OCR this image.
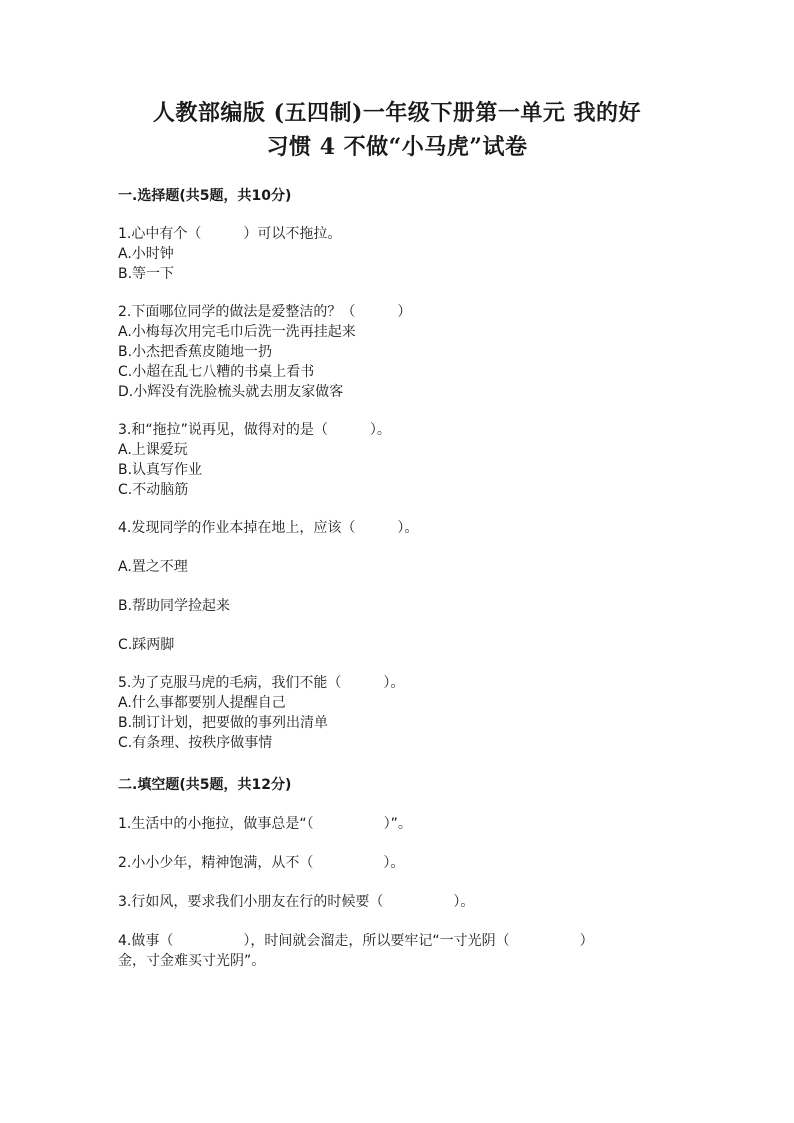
人教部编版 (五四制)一年级下册第一单元 我的好
习惯 4 不做“小马虎”试卷
一.选择题(共5题，共10分)
1.心中有个（　　　）可以不拖拉。
A.小时钟
B.等一下
2.下面哪位同学的做法是爱整洁的？（　　　）
A.小梅每次用完毛巾后洗一洗再挂起来
B.小杰把香蕉皮随地一扔
C.小超在乱七八糟的书桌上看书
D.小辉没有洗脸梳头就去朋友家做客
3.和“拖拉”说再见，做得对的是（　　　）。
A.上课爱玩
B.认真写作业
C.不动脑筋
4.发现同学的作业本掉在地上，应该（　　　）。
A.置之不理
B.帮助同学捡起来
C.踩两脚
5.为了克服马虎的毛病，我们不能（　　　）。
A.什么事都要别人提醒自己
B.制订计划，把要做的事列出清单
C.有条理、按秩序做事情
二.填空题(共5题，共12分)
1.生活中的小拖拉，做事总是“（　　　　　）”。
2.小小少年，精神饱满，从不（　　　　　）。
3.行如风，要求我们小朋友在行的时候要（　　　　　）。
4.做事（　　　　　），时间就会溜走，所以要牢记“一寸光阴（　　　　　）
金，寸金难买寸光阴”。
